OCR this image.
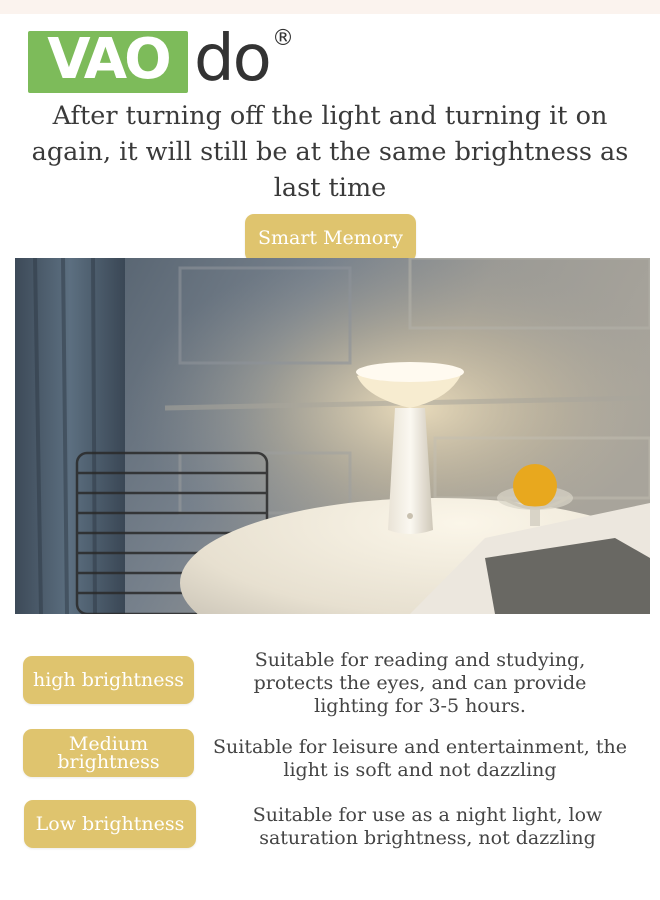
VAO do ®
After turning off the light and turning it on again, it will still be at the same brightness as last time
Smart Memory
high brightness
Suitable for reading and studying, protects the eyes, and can provide lighting for 3-5 hours.
Medium brightness
Suitable for leisure and entertainment, the light is soft and not dazzling
Low brightness	Suitable for use as a night light, low saturation brightness, not dazzling
